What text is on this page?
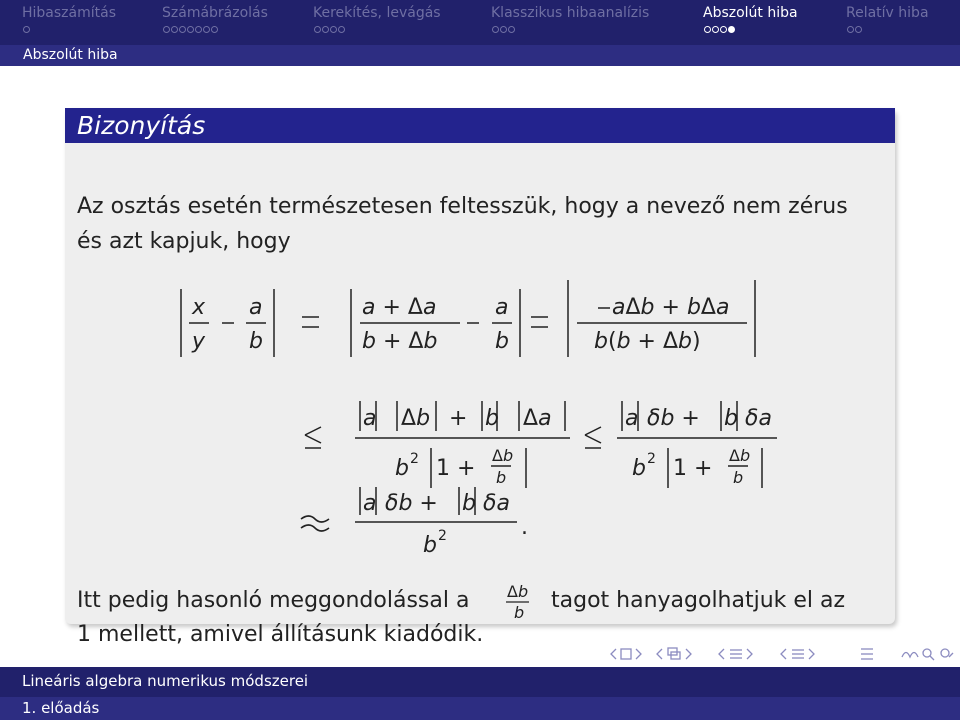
Hibaszámítás	Számábrázolás	Kerekítés, levágás	Klasszikus hibaanalízis	Abszolút hiba	Relatív hiba
Abszolút hiba
Bizonyítás
Az osztás esetén természetesen feltesszük, hogy a nevező nem zérus
és azt kapjuk, hogy
x
y
a
b
a + Δa
b + Δb
a
b
aΔb + bΔa
b(b + Δb)
a Δb + b Δa
b 2 1 +
Δb
b
a δb + b δa
b 2 1 +
Δb
b
a δb + b δa
b 2	.
Δb
b
Itt pedig hasonló meggondolással a	tagot hanyagolhatjuk el az
1 mellett, amivel állításunk kiadódik.
Lineáris algebra numerikus módszerei
1. előadás
